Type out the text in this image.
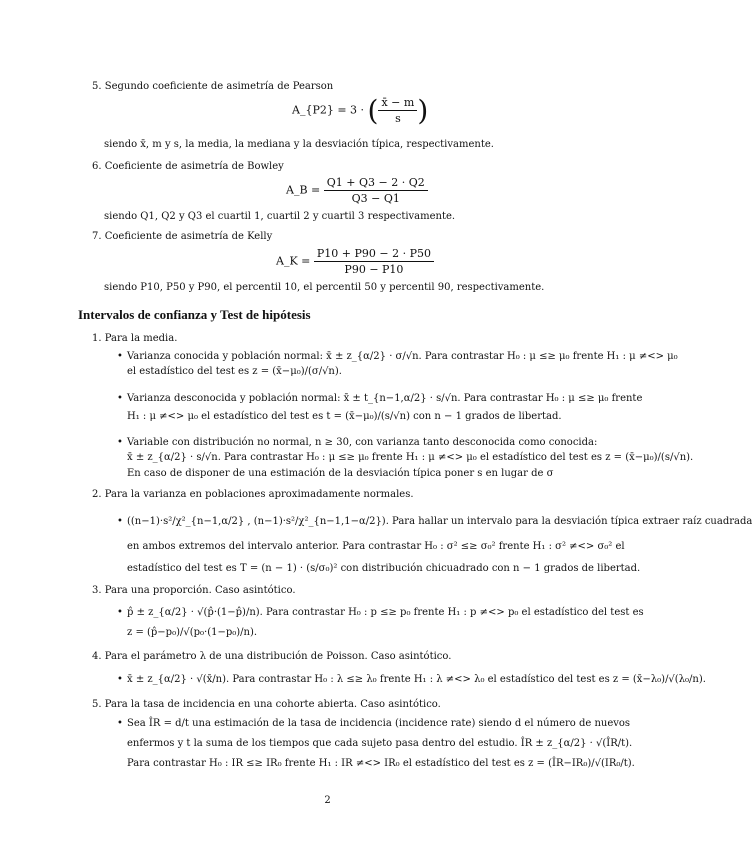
5. Segundo coeficiente de asimetría de Pearson
A_{P2} = 3 · ( $\frac{x̄ - m}{s}$ )
siendo x̄, m y s, la media, la mediana y la desviación típica, respectivamente.
6. Coeficiente de asimetría de Bowley
A_B = $\frac{Q1 + Q3 - 2 \cdot Q2}{Q3 - Q1}$
siendo Q1, Q2 y Q3 el cuartil 1, cuartil 2 y cuartil 3 respectivamente.
7. Coeficiente de asimetría de Kelly
A_K = $\frac{P10 + P90 - 2 \cdot P50}{P90 - P10}$
siendo P10, P50 y P90, el percentil 10, el percentil 50 y percentil 90, respectivamente.
Intervalos de confianza y Test de hipótesis
1. Para la media.
• Varianza conocida y población normal: x̄ ± z_{α/2} · σ/√n. Para contrastar H₀ : μ ≤≥ μ₀ frente H₁ : μ ≠<> μ₀
el estadístico del test es z = (x̄−μ₀)/(σ/√n).
• Varianza desconocida y población normal: x̄ ± t_{n−1,α/2} · s/√n. Para contrastar H₀ : μ ≤≥ μ₀ frente
H₁ : μ ≠<> μ₀ el estadístico del test es t = (x̄−μ₀)/(s/√n) con n − 1 grados de libertad.
• Variable con distribución no normal, n ≥ 30, con varianza tanto desconocida como conocida:
x̄ ± z_{α/2} · s/√n. Para contrastar H₀ : μ ≤≥ μ₀ frente H₁ : μ ≠<> μ₀ el estadístico del test es z = (x̄−μ₀)/(s/√n).
En caso de disponer de una estimación de la desviación típica poner s en lugar de σ
2. Para la varianza en poblaciones aproximadamente normales.
• ((n−1)·s²/χ²_{n−1,α/2} , (n−1)·s²/χ²_{n−1,1−α/2}). Para hallar un intervalo para la desviación típica extraer raíz cuadrada
en ambos extremos del intervalo anterior. Para contrastar H₀ : σ² ≤≥ σ₀² frente H₁ : σ² ≠<> σ₀² el
estadístico del test es T = (n − 1) · (s/σ₀)² con distribución chicuadrado con n − 1 grados de libertad.
3. Para una proporción. Caso asintótico.
• p̂ ± z_{α/2} · √(p̂·(1−p̂)/n). Para contrastar H₀ : p ≤≥ p₀ frente H₁ : p ≠<> p₀ el estadístico del test es
z = (p̂−p₀)/√(p₀·(1−p₀)/n).
4. Para el parámetro λ de una distribución de Poisson. Caso asintótico.
• x̄ ± z_{α/2} · √(x̄/n). Para contrastar H₀ : λ ≤≥ λ₀ frente H₁ : λ ≠<> λ₀ el estadístico del test es z = (x̄−λ₀)/√(λ₀/n).
5. Para la tasa de incidencia en una cohorte abierta. Caso asintótico.
• Sea ÎR = d/t una estimación de la tasa de incidencia (incidence rate) siendo d el número de nuevos
enfermos y t la suma de los tiempos que cada sujeto pasa dentro del estudio. ÎR ± z_{α/2} · √(ÎR/t).
Para contrastar H₀ : IR ≤≥ IR₀ frente H₁ : IR ≠<> IR₀ el estadístico del test es z = (ÎR−IR₀)/√(IR₀/t).
2
